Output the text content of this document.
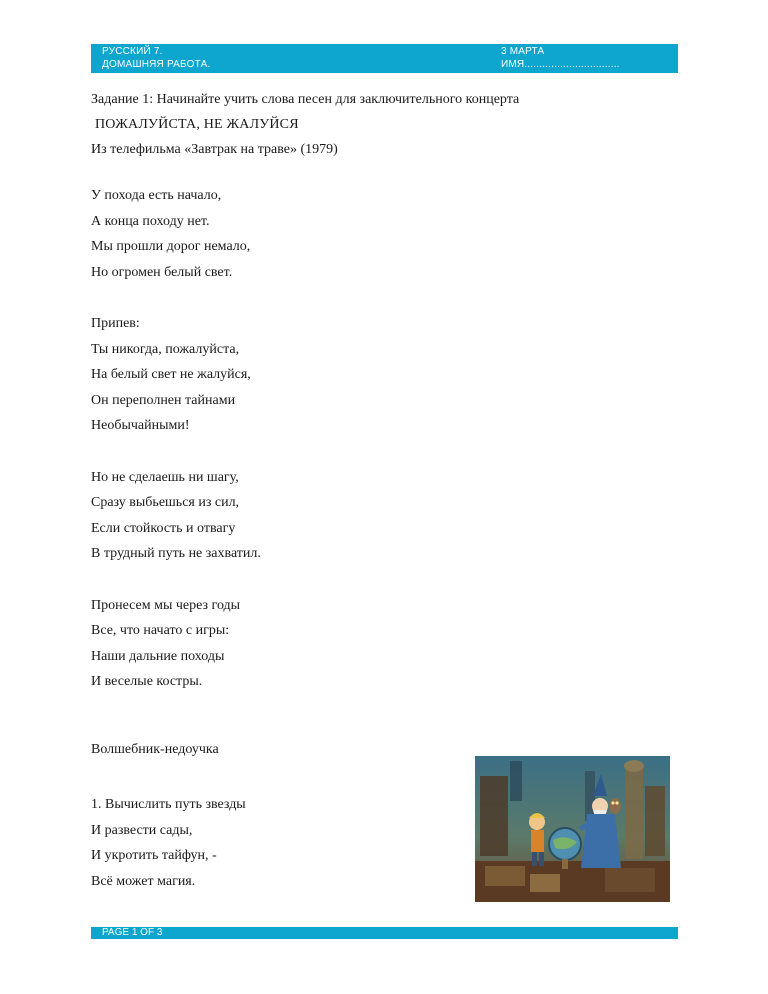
РУССКИЙ 7.
ДОМАШНЯЯ РАБОТА.
3 МАРТА
ИМЯ................................
Задание 1: Начинайте учить слова песен для заключительного концерта
ПОЖАЛУЙСТА, НЕ ЖАЛУЙСЯ
Из телефильма «Завтрак на траве» (1979)
У похода есть начало,
А конца походу нет.
Мы прошли дорог немало,
Но огромен белый свет.
Припев:
Ты никогда, пожалуйста,
На белый свет не жалуйся,
Он переполнен тайнами
Необычайными!
Но не сделаешь ни шагу,
Сразу выбьешься из сил,
Если стойкость и отвагу
В трудный путь не захватил.
Пронесем мы через годы
Все, что начато с игры:
Наши дальние походы
И веселые костры.
Волшебник-недоучка
1. Вычислить путь звезды
И развести сады,
И укротить тайфун, -
Всё может магия.
PAGE 1 OF 3
